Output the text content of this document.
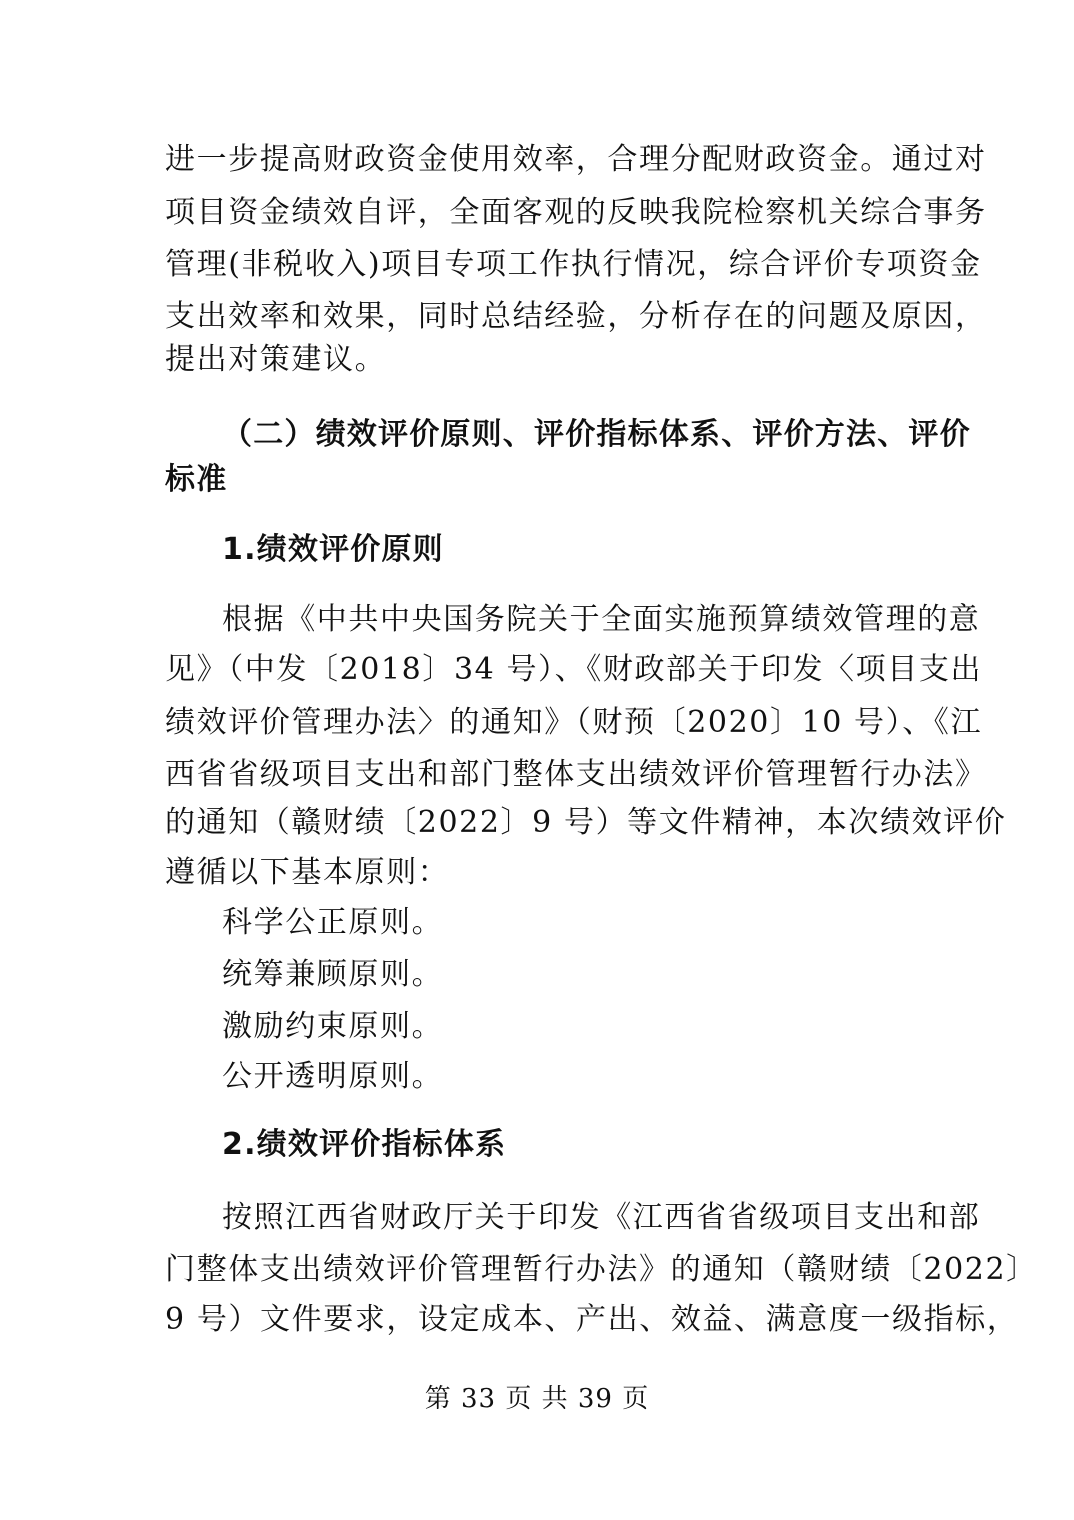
进一步提高财政资金使用效率，合理分配财政资金。通过对
项目资金绩效自评，全面客观的反映我院检察机关综合事务
管理(非税收入)项目专项工作执行情况，综合评价专项资金
支出效率和效果，同时总结经验，分析存在的问题及原因，
提出对策建议。
（二）绩效评价原则、评价指标体系、评价方法、评价
标准
1.绩效评价原则
根据《中共中央国务院关于全面实施预算绩效管理的意
见》（中发〔2018〕34 号）、《财政部关于印发〈项目支出
绩效评价管理办法〉的通知》（财预〔2020〕10 号）、《江
西省省级项目支出和部门整体支出绩效评价管理暂行办法》
的通知（赣财绩〔2022〕9 号）等文件精神，本次绩效评价
遵循以下基本原则：
科学公正原则。
统筹兼顾原则。
激励约束原则。
公开透明原则。
2.绩效评价指标体系
按照江西省财政厅关于印发《江西省省级项目支出和部
门整体支出绩效评价管理暂行办法》的通知（赣财绩〔2022〕
9 号）文件要求，设定成本、产出、效益、满意度一级指标，
第 33 页 共 39 页
